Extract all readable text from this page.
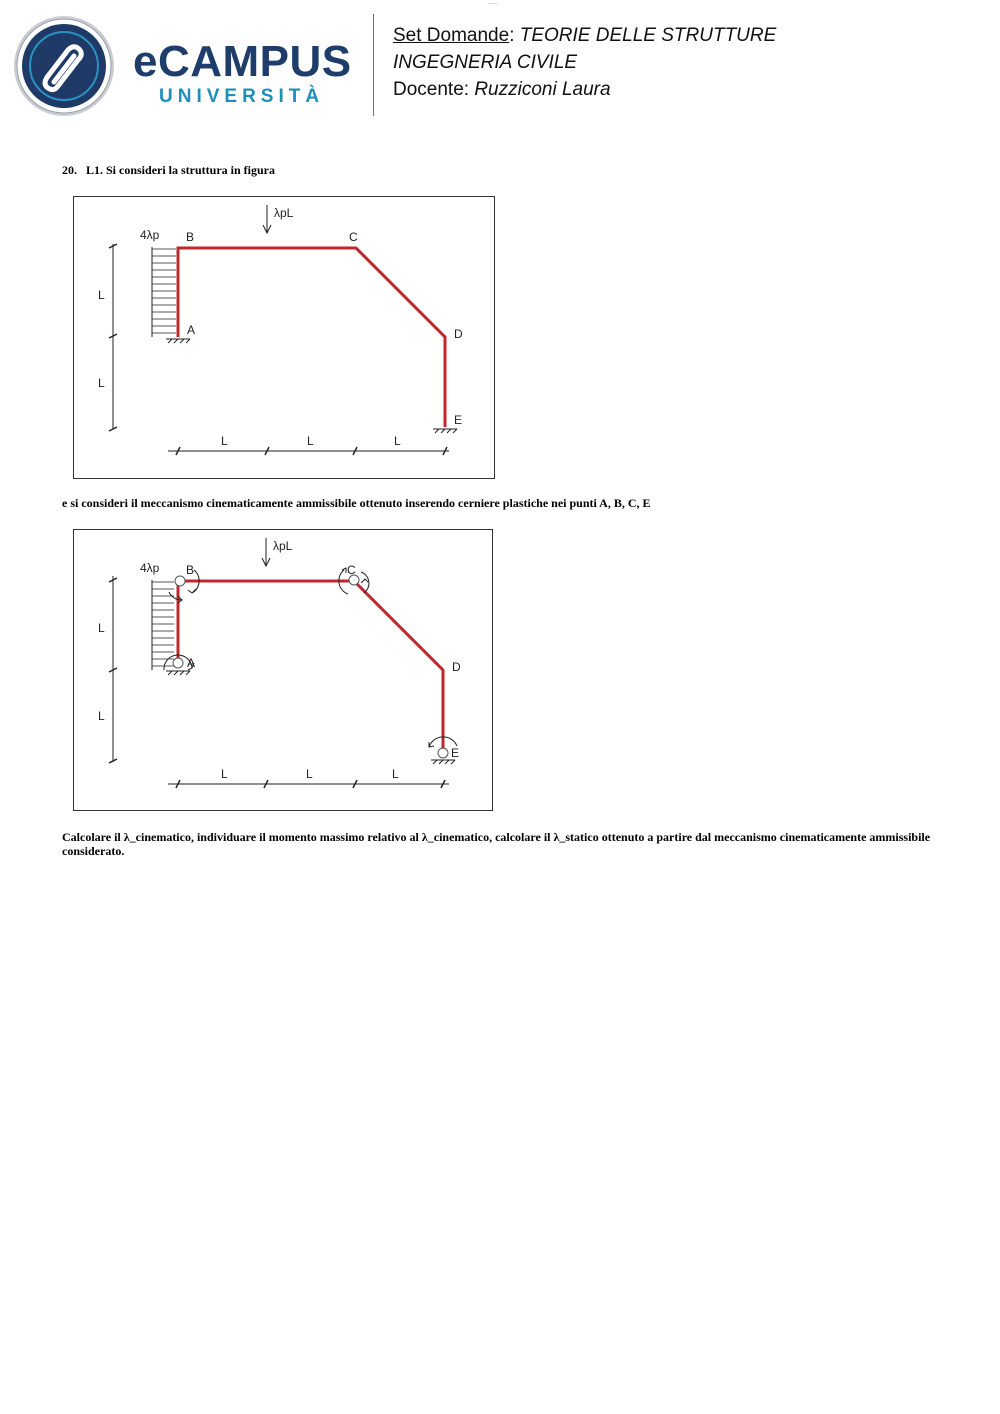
— —
eCAMPUS
UNIVERSITÀ
Set Domande: TEORIE DELLE STRUTTURE
INGEGNERIA CIVILE
Docente: Ruzziconi Laura
20. L1. Si consideri la struttura in figura
L
L
L	L	L
4λp
λpL
A
B	C
D
E
e si consideri il meccanismo cinematicamente ammissibile ottenuto inserendo cerniere plastiche nei punti A, B, C, E
L
L
L	L	L
4λp
λpL
A
B	C
D
E
Calcolare il λ_cinematico, individuare il momento massimo relativo al λ_cinematico, calcolare il λ_statico ottenuto a partire dal meccanismo cinematicamente ammissibile considerato.
